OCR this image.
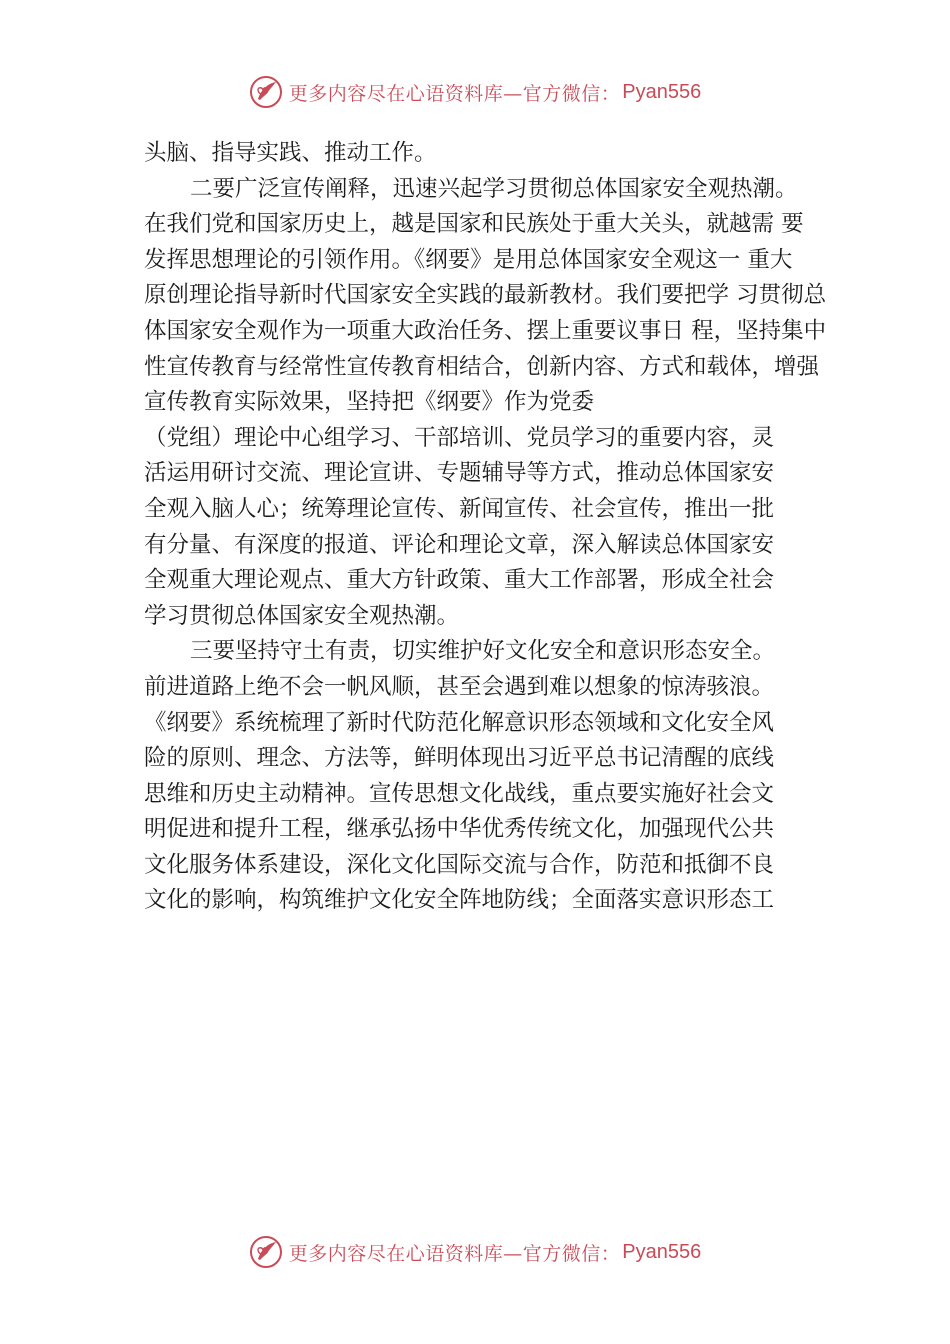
更多内容尽在心语资料库—官方微信： Pyan556
头脑、指导实践、推动工作。
二要广泛宣传阐释，迅速兴起学习贯彻总体国家安全观热潮。
在我们党和国家历史上，越是国家和民族处于重大关头，就越需 要
发挥思想理论的引领作用。《纲要》是用总体国家安全观这一 重大
原创理论指导新时代国家安全实践的最新教材。我们要把学 习贯彻总
体国家安全观作为一项重大政治任务、摆上重要议事日 程，坚持集中
性宣传教育与经常性宣传教育相结合，创新内容、方式和载体，增强
宣传教育实际效果，坚持把《纲要》作为党委
（党组）理论中心组学习、干部培训、党员学习的重要内容，灵
活运用研讨交流、理论宣讲、专题辅导等方式，推动总体国家安
全观入脑人心；统筹理论宣传、新闻宣传、社会宣传，推出一批
有分量、有深度的报道、评论和理论文章，深入解读总体国家安
全观重大理论观点、重大方针政策、重大工作部署，形成全社会
学习贯彻总体国家安全观热潮。
三要坚持守土有责，切实维护好文化安全和意识形态安全。
前进道路上绝不会一帆风顺，甚至会遇到难以想象的惊涛骇浪。
《纲要》系统梳理了新时代防范化解意识形态领域和文化安全风
险的原则、理念、方法等，鲜明体现出习近平总书记清醒的底线
思维和历史主动精神。宣传思想文化战线，重点要实施好社会文
明促进和提升工程，继承弘扬中华优秀传统文化，加强现代公共
文化服务体系建设，深化文化国际交流与合作，防范和抵御不良
文化的影响，构筑维护文化安全阵地防线；全面落实意识形态工
更多内容尽在心语资料库—官方微信： Pyan556
